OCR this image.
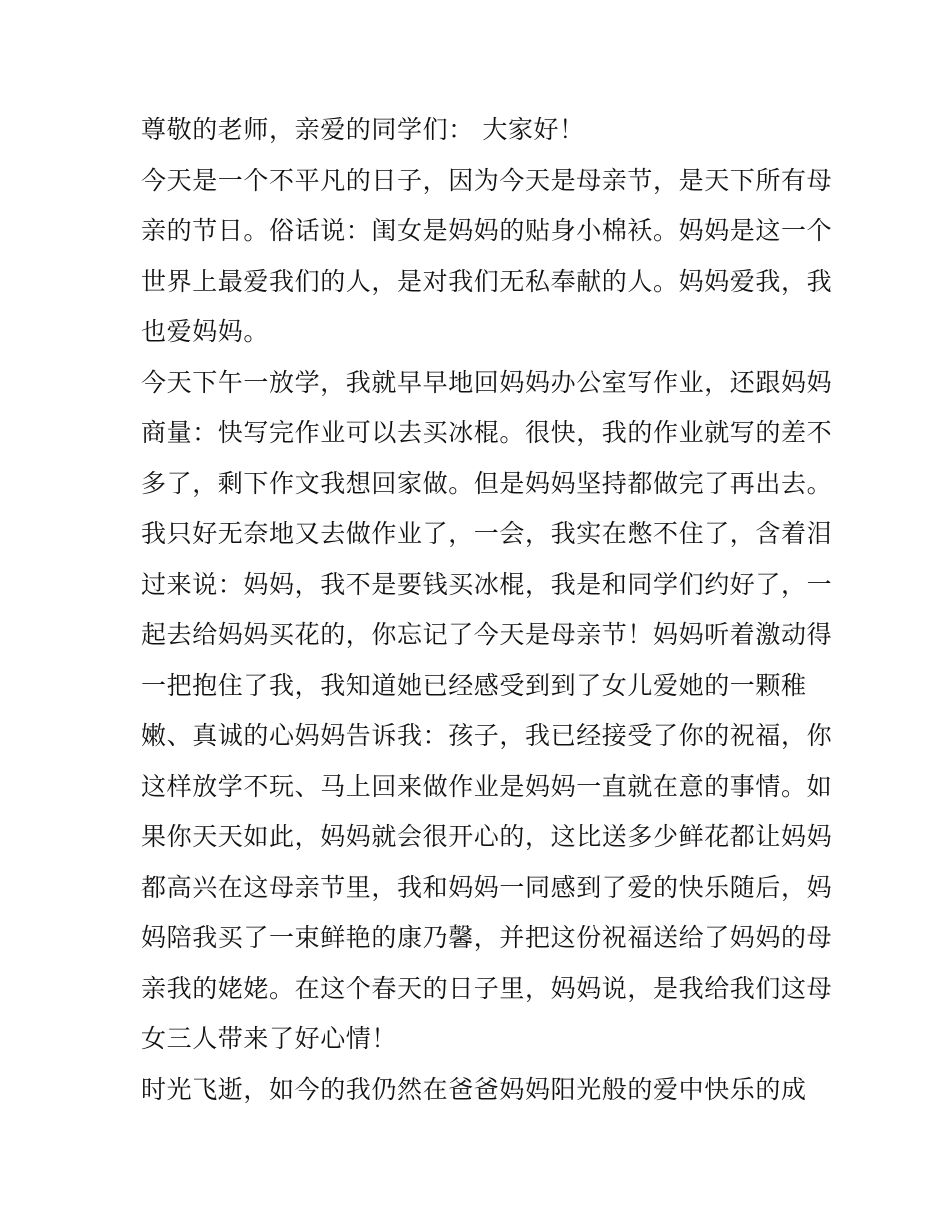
尊敬的老师，亲爱的同学们： 大家好！

今天是一个不平凡的日子，因为今天是母亲节，是天下所有母

亲的节日。俗话说：闺女是妈妈的贴身小棉袄。妈妈是这一个

世界上最爱我们的人，是对我们无私奉献的人。妈妈爱我，我

也爱妈妈。

今天下午一放学，我就早早地回妈妈办公室写作业，还跟妈妈

商量：快写完作业可以去买冰棍。很快，我的作业就写的差不

多了，剩下作文我想回家做。但是妈妈坚持都做完了再出去。

我只好无奈地又去做作业了，一会，我实在憋不住了，含着泪

过来说：妈妈，我不是要钱买冰棍，我是和同学们约好了，一

起去给妈妈买花的，你忘记了今天是母亲节！妈妈听着激动得

一把抱住了我，我知道她已经感受到到了女儿爱她的一颗稚

嫩、真诚的心妈妈告诉我：孩子，我已经接受了你的祝福，你

这样放学不玩、马上回来做作业是妈妈一直就在意的事情。如

果你天天如此，妈妈就会很开心的，这比送多少鲜花都让妈妈

都高兴在这母亲节里，我和妈妈一同感到了爱的快乐随后，妈

妈陪我买了一束鲜艳的康乃馨，并把这份祝福送给了妈妈的母

亲我的姥姥。在这个春天的日子里，妈妈说，是我给我们这母

女三人带来了好心情！

时光飞逝，如今的我仍然在爸爸妈妈阳光般的爱中快乐的成
